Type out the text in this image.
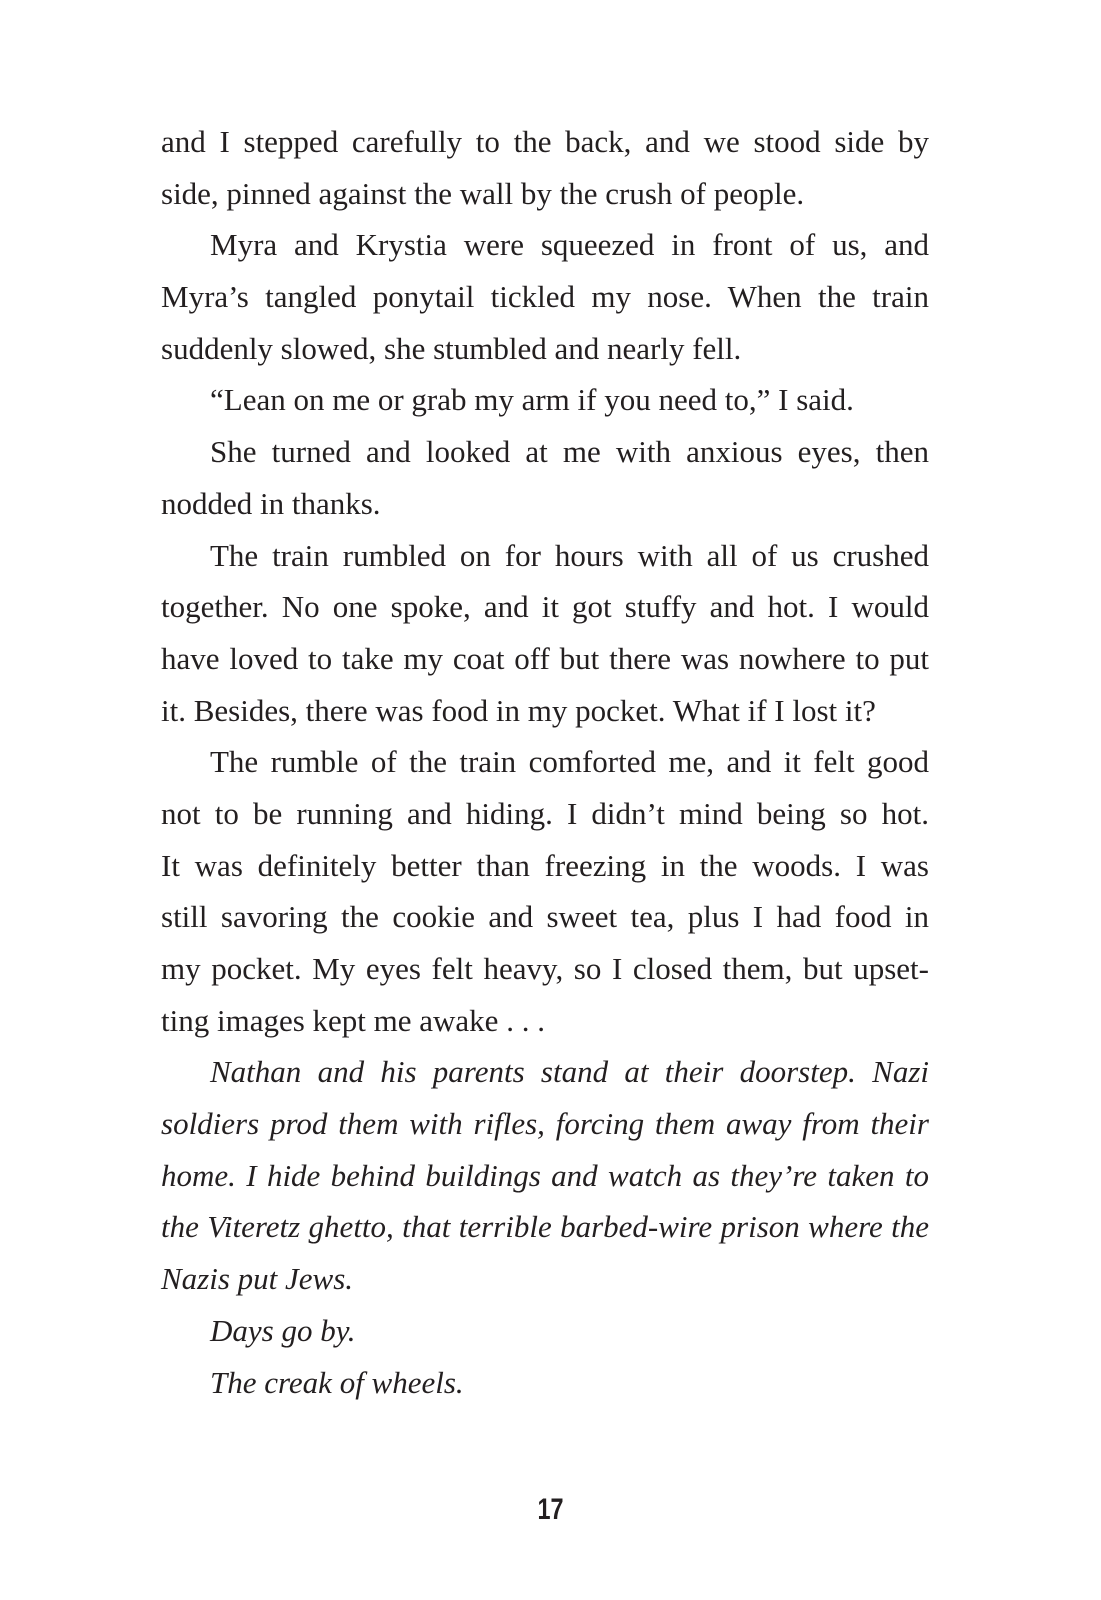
and I stepped carefully to the back, and we stood side by
side, pinned against the wall by the crush of people.
Myra and Krystia were squeezed in front of us, and
Myra’s tangled ponytail tickled my nose. When the train
suddenly slowed, she stumbled and nearly fell.
“Lean on me or grab my arm if you need to,” I said.
She turned and looked at me with anxious eyes, then
nodded in thanks.
The train rumbled on for hours with all of us crushed
together. No one spoke, and it got stuffy and hot. I would
have loved to take my coat off but there was nowhere to put
it. Besides, there was food in my pocket. What if I lost it?
The rumble of the train comforted me, and it felt good
not to be running and hiding. I didn’t mind being so hot.
It was definitely better than freezing in the woods. I was
still savoring the cookie and sweet tea, plus I had food in
my pocket. My eyes felt heavy, so I closed them, but upset-
ting images kept me awake . . .
Nathan and his parents stand at their doorstep. Nazi
soldiers prod them with rifles, forcing them away from their
home. I hide behind buildings and watch as they’re taken to
the Viteretz ghetto, that terrible barbed-wire prison where the
Nazis put Jews.
Days go by.
The creak of wheels.
17
